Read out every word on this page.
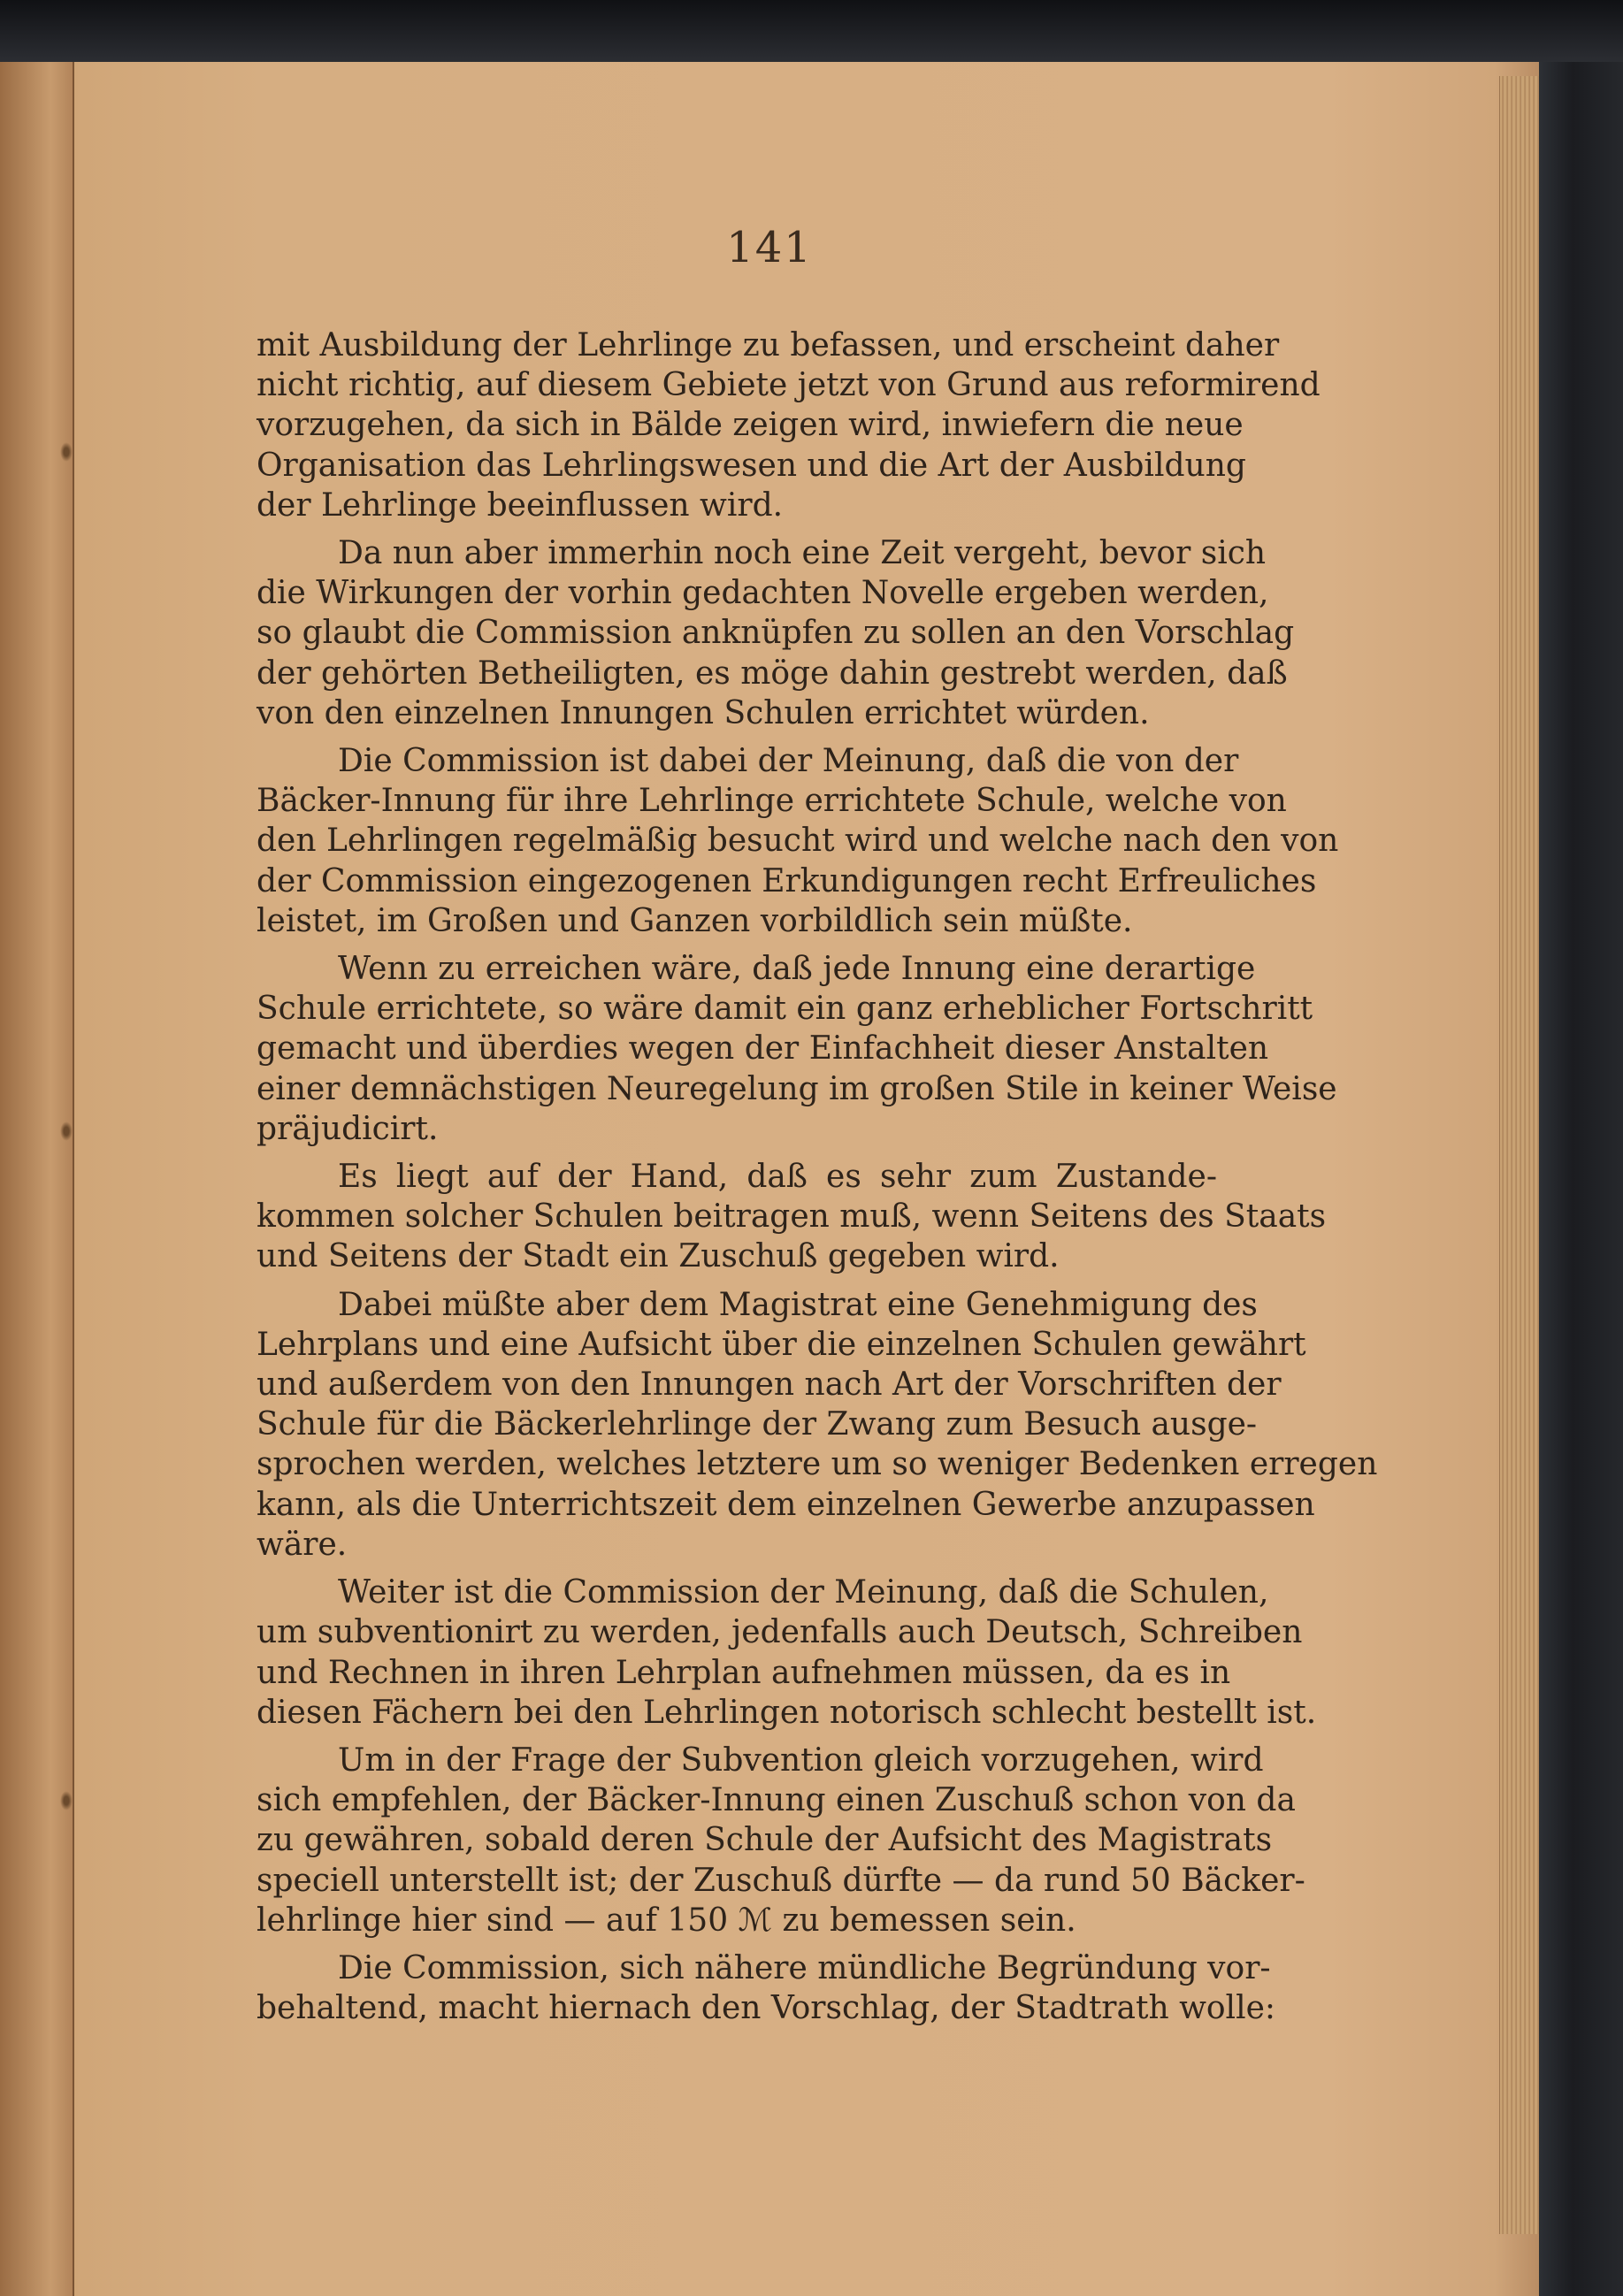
141

mit Ausbildung der Lehrlinge zu befassen, und erscheint daher
nicht richtig, auf diesem Gebiete jetzt von Grund aus reformirend
vorzugehen, da sich in Bälde zeigen wird, inwiefern die neue
Organisation das Lehrlingswesen und die Art der Ausbildung
der Lehrlinge beeinflussen wird.

Da nun aber immerhin noch eine Zeit vergeht, bevor sich
die Wirkungen der vorhin gedachten Novelle ergeben werden,
so glaubt die Commission anknüpfen zu sollen an den Vorschlag
der gehörten Betheiligten, es möge dahin gestrebt werden, daß
von den einzelnen Innungen Schulen errichtet würden.

Die Commission ist dabei der Meinung, daß die von der
Bäcker-Innung für ihre Lehrlinge errichtete Schule, welche von
den Lehrlingen regelmäßig besucht wird und welche nach den von
der Commission eingezogenen Erkundigungen recht Erfreuliches
leistet, im Großen und Ganzen vorbildlich sein müßte.

Wenn zu erreichen wäre, daß jede Innung eine derartige
Schule errichtete, so wäre damit ein ganz erheblicher Fortschritt
gemacht und überdies wegen der Einfachheit dieser Anstalten
einer demnächstigen Neuregelung im großen Stile in keiner Weise
präjudicirt.

Es liegt auf der Hand, daß es sehr zum Zustande-
kommen solcher Schulen beitragen muß, wenn Seitens des Staats
und Seitens der Stadt ein Zuschuß gegeben wird.

Dabei müßte aber dem Magistrat eine Genehmigung des
Lehrplans und eine Aufsicht über die einzelnen Schulen gewährt
und außerdem von den Innungen nach Art der Vorschriften der
Schule für die Bäckerlehrlinge der Zwang zum Besuch ausge-
sprochen werden, welches letztere um so weniger Bedenken erregen
kann, als die Unterrichtszeit dem einzelnen Gewerbe anzupassen
wäre.

Weiter ist die Commission der Meinung, daß die Schulen,
um subventionirt zu werden, jedenfalls auch Deutsch, Schreiben
und Rechnen in ihren Lehrplan aufnehmen müssen, da es in
diesen Fächern bei den Lehrlingen notorisch schlecht bestellt ist.

Um in der Frage der Subvention gleich vorzugehen, wird
sich empfehlen, der Bäcker-Innung einen Zuschuß schon von da
zu gewähren, sobald deren Schule der Aufsicht des Magistrats
speciell unterstellt ist; der Zuschuß dürfte — da rund 50 Bäcker-
lehrlinge hier sind — auf 150 ℳ zu bemessen sein.

Die Commission, sich nähere mündliche Begründung vor-
behaltend, macht hiernach den Vorschlag, der Stadtrath wolle:
